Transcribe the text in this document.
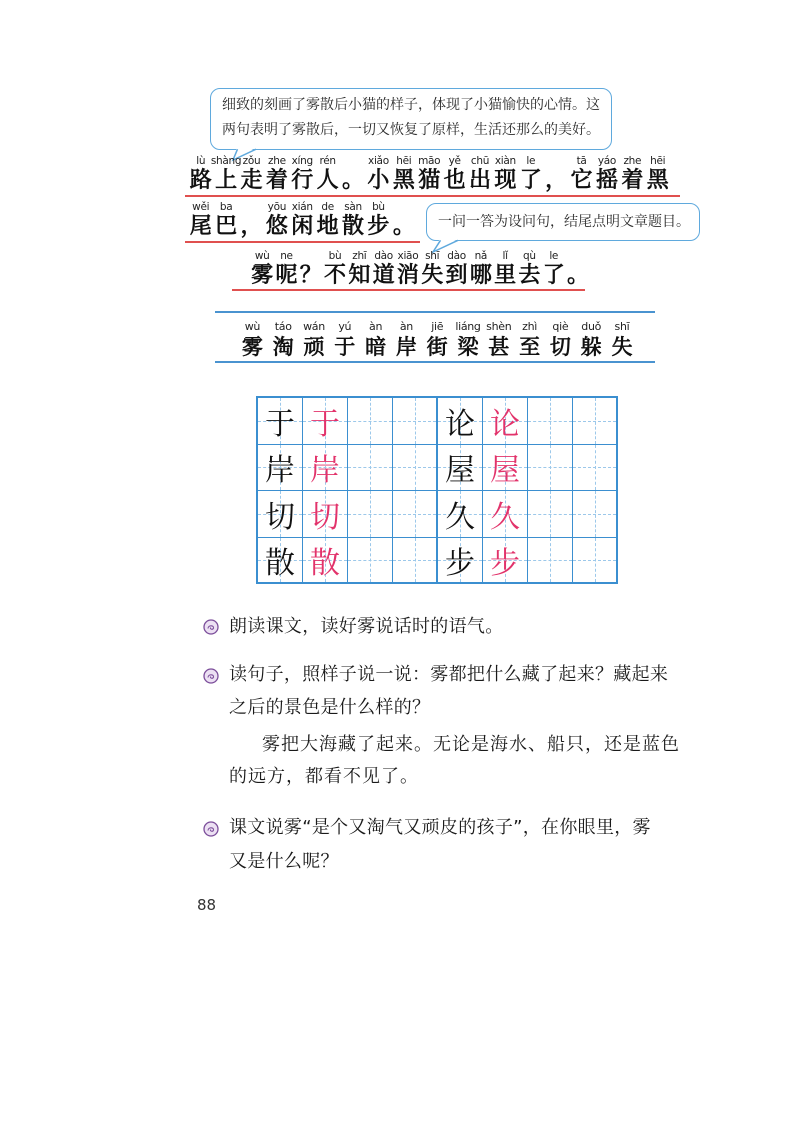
细致的刻画了雾散后小猫的样子，体现了小猫愉快的心情。这
两句表明了雾散后，一切又恢复了原样，生活还那么的美好。
一问一答为设问句，结尾点明文章题目。
lù
路
shàng
上
zǒu
走
zhe
着
xíng
行
rén
人 。
xiǎo
小
hēi
黑
māo
猫
yě
也
chū
出
xiàn
现
le
了 ，
tā
它
yáo
摇
zhe
着
hēi
黑
wěi
尾
ba
巴 ，
yōu
悠
xián
闲
de
地
sàn
散
bù
步 。
wù
雾
ne
呢 ？
bù
不
zhī
知
dào
道
xiāo
消
shī
失
dào
到
nǎ
哪
lǐ
里
qù
去
le
了 。
wù
雾
táo
淘
wán
顽
yú
于
àn
暗
àn
岸
jiē
街
liáng
梁
shèn
甚
zhì
至
qiè
切
duǒ
躲
shī
失
于 于	论 论
岸 岸	屋 屋
切 切	久 久
散 散	步 步
朗读课文，读好雾说话时的语气。
读句子，照样子说一说：雾都把什么藏了起来？藏起来
之后的景色是什么样的？
雾把大海藏了起来。无论是海水、船只，还是蓝色
的远方，都看不见了。
课文说雾“是个又淘气又顽皮的孩子”，在你眼里，雾
又是什么呢？
88
